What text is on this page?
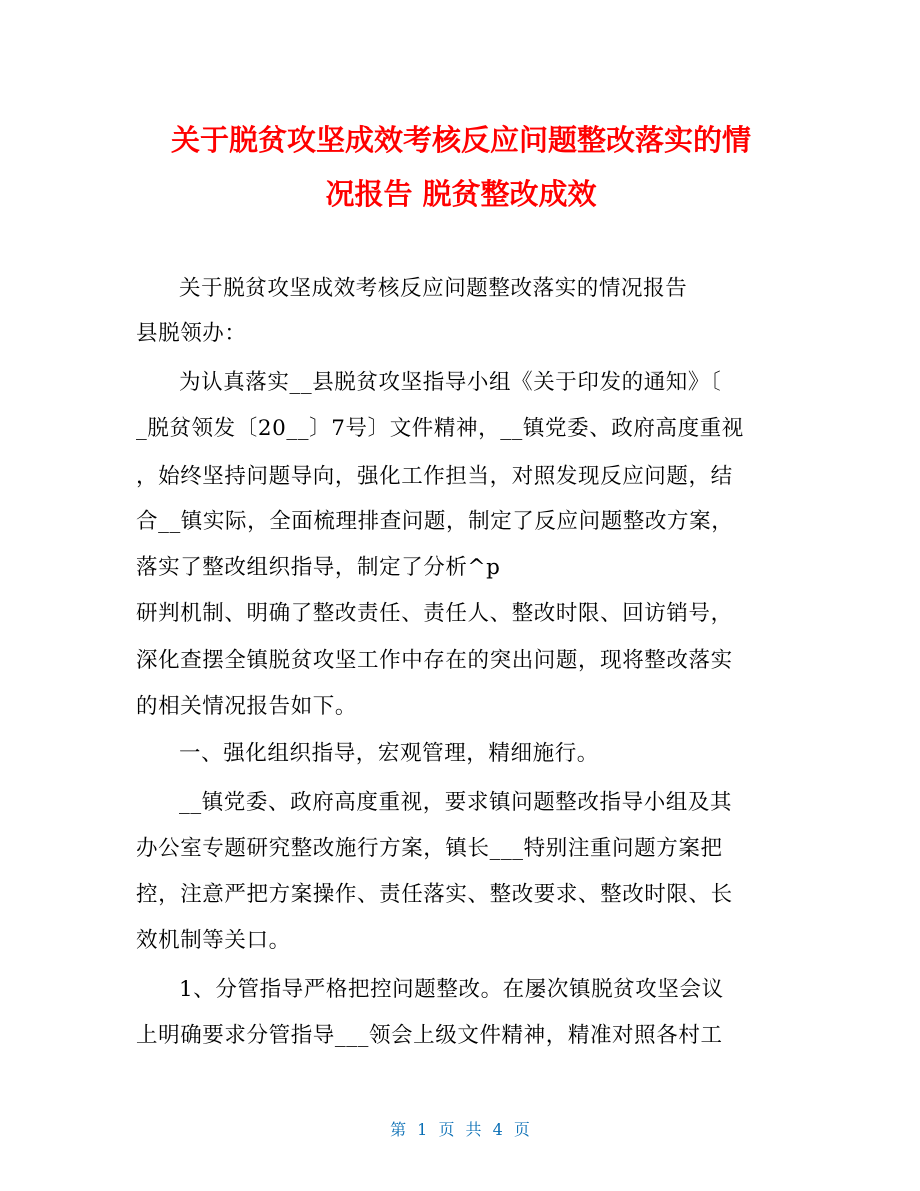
关于脱贫攻坚成效考核反应问题整改落实的情
况报告 脱贫整改成效
关于脱贫攻坚成效考核反应问题整改落实的情况报告
县脱领办：
为认真落实__县脱贫攻坚指导小组《关于印发的通知》〔
_脱贫领发〔20__〕7号〕文件精神，__镇党委、政府高度重视
，始终坚持问题导向，强化工作担当，对照发现反应问题，结
合__镇实际，全面梳理排查问题，制定了反应问题整改方案，
落实了整改组织指导，制定了分析^p
研判机制、明确了整改责任、责任人、整改时限、回访销号，
深化查摆全镇脱贫攻坚工作中存在的突出问题，现将整改落实
的相关情况报告如下。
一、强化组织指导，宏观管理，精细施行。
__镇党委、政府高度重视，要求镇问题整改指导小组及其
办公室专题研究整改施行方案，镇长___特别注重问题方案把
控，注意严把方案操作、责任落实、整改要求、整改时限、长
效机制等关口。
1、分管指导严格把控问题整改。在屡次镇脱贫攻坚会议
上明确要求分管指导___领会上级文件精神，精准对照各村工
第 1 页 共 4 页
